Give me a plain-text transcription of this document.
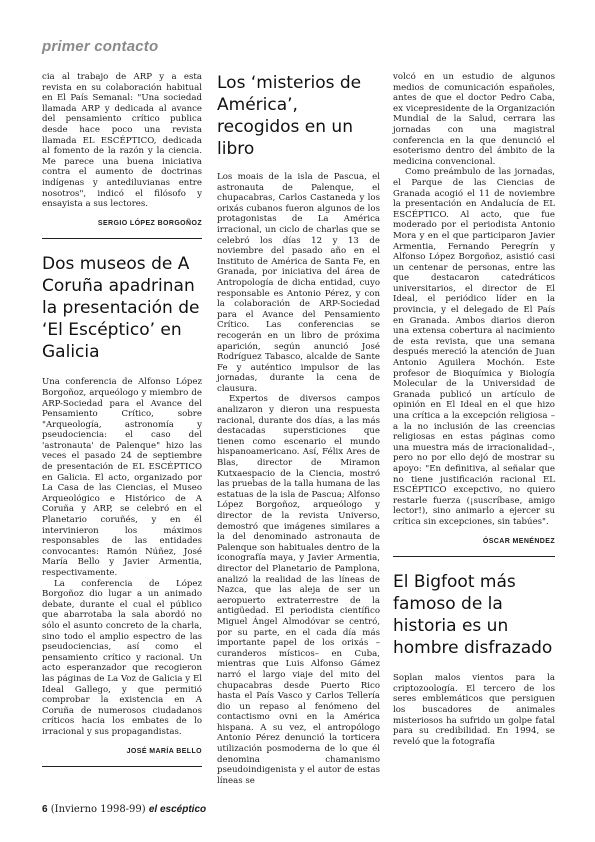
primer contacto

cia al trabajo de ARP y a esta revista en su colaboración habitual en El País Semanal: "Una sociedad llamada ARP y dedicada al avance del pensamiento crítico publica desde hace poco una revista llamada EL ESCÉPTICO, dedicada al fomento de la razón y la ciencia. Me parece una buena iniciativa contra el aumento de doctrinas indígenas y antediluvianas entre nosotros", indicó el filósofo y ensayista a sus lectores.

SERGIO LÓPEZ BORGOÑOZ
Dos museos de A Coruña apadrinan la presentación de ‘El Escéptico’ en Galicia

Una conferencia de Alfonso López Borgoñoz, arqueólogo y miembro de ARP-Sociedad para el Avance del Pensamiento Crítico, sobre "Arqueología, astronomía y pseudociencia: el caso del 'astronauta' de Palenque" hizo las veces el pasado 24 de septiembre de presentación de EL ESCÉPTICO en Galicia. El acto, organizado por La Casa de las Ciencias, el Museo Arqueológico e Histórico de A Coruña y ARP, se celebró en el Planetario coruñés, y en él intervinieron los máximos responsables de las entidades convocantes: Ramón Núñez, José María Bello y Javier Armentia, respectivamente.

La conferencia de López Borgoñoz dio lugar a un animado debate, durante el cual el público que abarrotaba la sala abordó no sólo el asunto concreto de la charla, sino todo el amplio espectro de las pseudociencias, así como el pensamiento crítico y racional. Un acto esperanzador que recogieron las páginas de La Voz de Galicia y El Ideal Gallego, y que permitió comprobar la existencia en A Coruña de numerosos ciudadanos críticos hacia los embates de lo irracional y sus propagandistas.

JOSÉ MARÍA BELLO
Los ‘misterios de América’, recogidos en un libro

Los moais de la isla de Pascua, el astronauta de Palenque, el chupacabras, Carlos Castaneda y los orixás cubanos fueron algunos de los protagonistas de La América irracional, un ciclo de charlas que se celebró los días 12 y 13 de noviembre del pasado año en el Instituto de América de Santa Fe, en Granada, por iniciativa del área de Antropología de dicha entidad, cuyo responsable es Antonio Pérez, y con la colaboración de ARP-Sociedad para el Avance del Pensamiento Crítico. Las conferencias se recogerán en un libro de próxima aparición, según anunció José Rodríguez Tabasco, alcalde de Sante Fe y auténtico impulsor de las jornadas, durante la cena de clausura.

Expertos de diversos campos analizaron y dieron una respuesta racional, durante dos días, a las más destacadas supersticiones que tienen como escenario el mundo hispanoamericano. Así, Félix Ares de Blas, director de Miramon Kutxaespacio de la Ciencia, mostró las pruebas de la talla humana de las estatuas de la isla de Pascua; Alfonso López Borgoñoz, arqueólogo y director de la revista Universo, demostró que imágenes similares a la del denominado astronauta de Palenque son habituales dentro de la iconografía maya, y Javier Armentia, director del Planetario de Pamplona, analizó la realidad de las líneas de Nazca, que las aleja de ser un aeropuerto extraterrestre de la antigüedad. El periodista científico Miguel Ángel Almodóvar se centró, por su parte, en el cada día más importante papel de los orixás –curanderos místicos– en Cuba, mientras que Luis Alfonso Gámez narró el largo viaje del mito del chupacabras desde Puerto Rico hasta el País Vasco y Carlos Tellería dio un repaso al fenómeno del contactismo ovni en la América hispana. A su vez, el antropólogo Antonio Pérez denunció la torticera utilización posmoderna de lo que él denomina chamanismo pseudoindigenista y el autor de estas líneas se

volcó en un estudio de algunos medios de comunicación españoles, antes de que el doctor Pedro Caba, ex vicepresidente de la Organización Mundial de la Salud, cerrara las jornadas con una magistral conferencia en la que denunció el esoterismo dentro del ámbito de la medicina convencional.

Como preámbulo de las jornadas, el Parque de las Ciencias de Granada acogió el 11 de noviembre la presentación en Andalucía de EL ESCÉPTICO. Al acto, que fue moderado por el periodista Antonio Mora y en el que participaron Javier Armentia, Fernando Peregrín y Alfonso López Borgoñoz, asistió casi un centenar de personas, entre las que destacaron catedráticos universitarios, el director de El Ideal, el periódico líder en la provincia, y el delegado de El País en Granada. Ambos diarios dieron una extensa cobertura al nacimiento de esta revista, que una semana después mereció la atención de Juan Antonio Aguilera Mochón. Este profesor de Bioquímica y Biología Molecular de la Universidad de Granada publicó un artículo de opinión en El Ideal en el que hizo una crítica a la excepción religiosa –a la no inclusión de las creencias religiosas en estas páginas como una muestra más de irracionalidad–, pero no por ello dejó de mostrar su apoyo: "En definitiva, al señalar que no tiene justificación racional EL ESCÉPTICO excepctivo, no quiero restarle fuerza (¡suscríbase, amigo lector!), sino animarlo a ejercer su crítica sin excepciones, sin tabúes".

ÓSCAR MENÉNDEZ
El Bigfoot más famoso de la historia es un hombre disfrazado

Soplan malos vientos para la criptozoología. El tercero de los seres emblemáticos que persiguen los buscadores de animales misteriosos ha sufrido un golpe fatal para su credibilidad. En 1994, se reveló que la fotografía

6 (Invierno 1998-99) el escéptico
